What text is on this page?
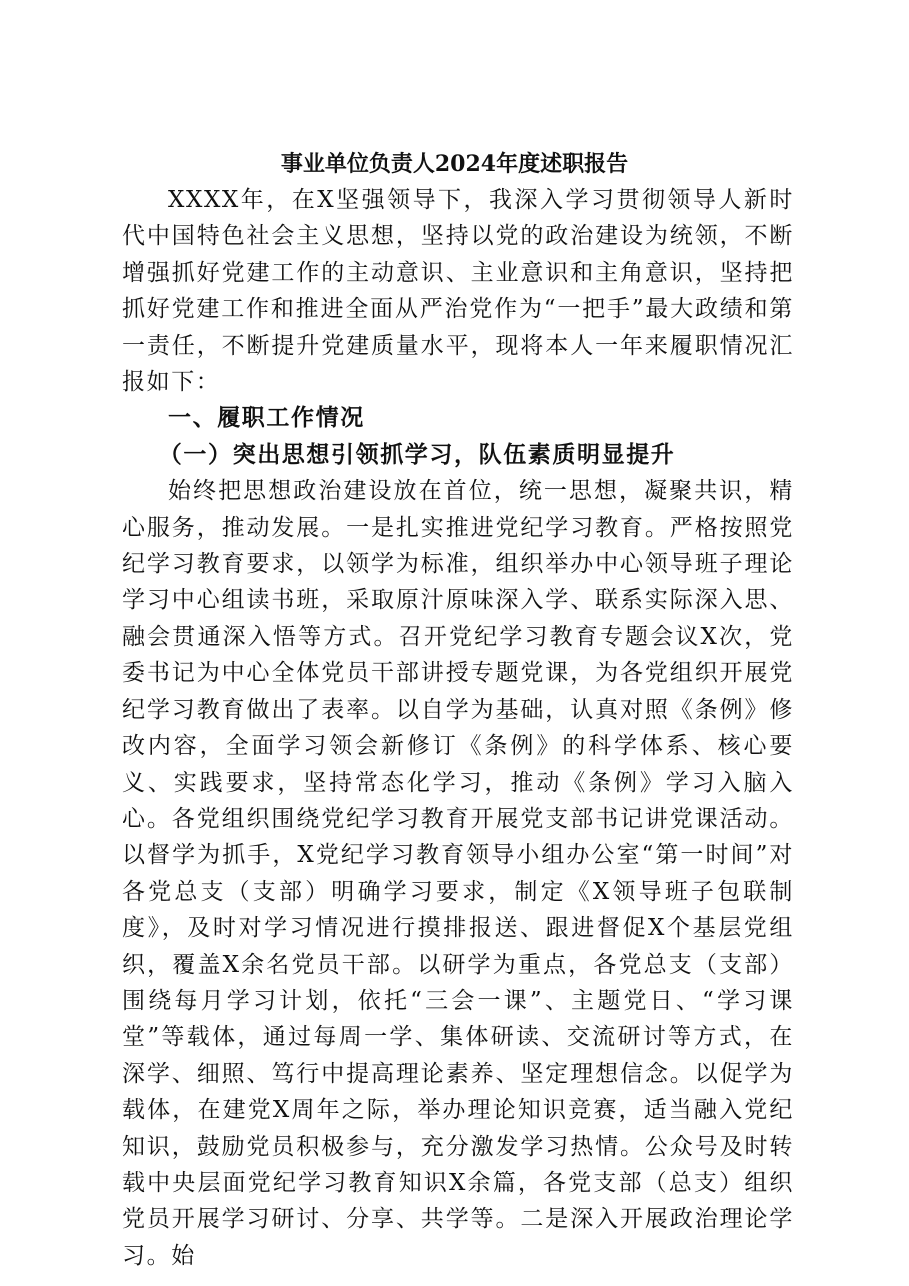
事业单位负责人2024年度述职报告

XXXX年，在X坚强领导下，我深入学习贯彻领导人新时代中国特色社会主义思想，坚持以党的政治建设为统领，不断增强抓好党建工作的主动意识、主业意识和主角意识，坚持把抓好党建工作和推进全面从严治党作为“一把手”最大政绩和第一责任，不断提升党建质量水平，现将本人一年来履职情况汇报如下：

一、履职工作情况

（一）突出思想引领抓学习，队伍素质明显提升

始终把思想政治建设放在首位，统一思想，凝聚共识，精心服务，推动发展。一是扎实推进党纪学习教育。严格按照党纪学习教育要求，以领学为标准，组织举办中心领导班子理论学习中心组读书班，采取原汁原味深入学、联系实际深入思、融会贯通深入悟等方式。召开党纪学习教育专题会议X次，党委书记为中心全体党员干部讲授专题党课，为各党组织开展党纪学习教育做出了表率。以自学为基础，认真对照《条例》修改内容，全面学习领会新修订《条例》的科学体系、核心要义、实践要求，坚持常态化学习，推动《条例》学习入脑入心。各党组织围绕党纪学习教育开展党支部书记讲党课活动。以督学为抓手，X党纪学习教育领导小组办公室“第一时间”对各党总支（支部）明确学习要求，制定《X领导班子包联制度》，及时对学习情况进行摸排报送、跟进督促X个基层党组织，覆盖X余名党员干部。以研学为重点，各党总支（支部）围绕每月学习计划，依托“三会一课”、主题党日、“学习课堂”等载体，通过每周一学、集体研读、交流研讨等方式，在深学、细照、笃行中提高理论素养、坚定理想信念。以促学为载体，在建党X周年之际，举办理论知识竞赛，适当融入党纪知识，鼓励党员积极参与，充分激发学习热情。公众号及时转载中央层面党纪学习教育知识X余篇，各党支部（总支）组织党员开展学习研讨、分享、共学等。二是深入开展政治理论学习。始
